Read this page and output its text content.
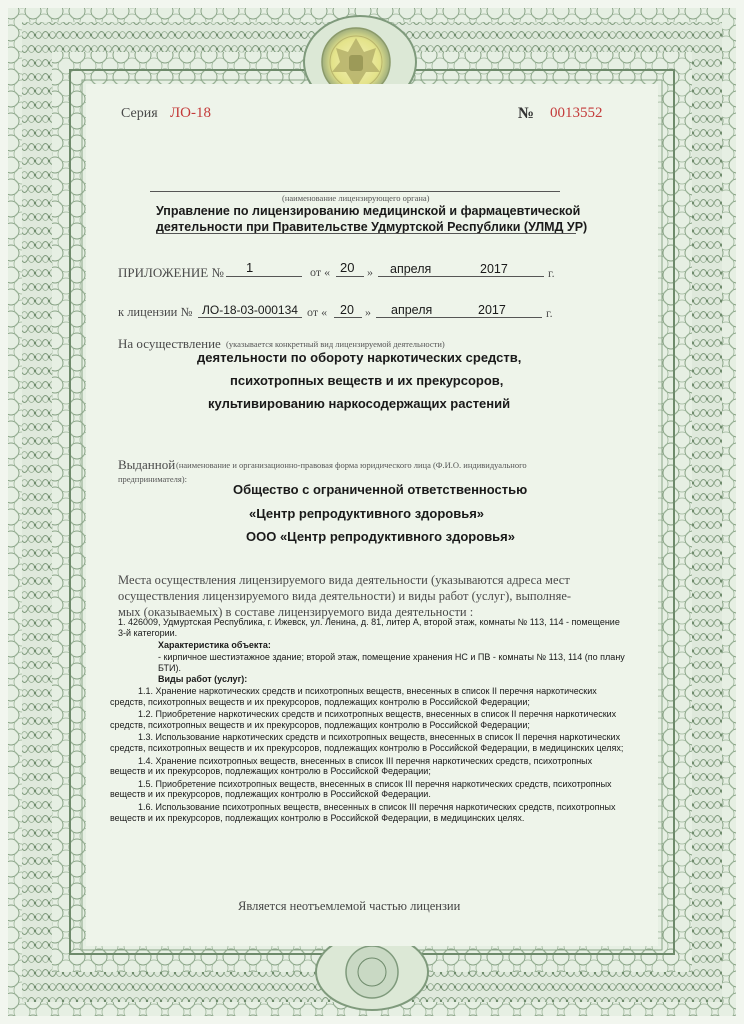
Серия ЛО-18	№ 0013552
(наименование лицензирующего органа)
Управление по лицензированию медицинской и фармацевтической
деятельности при Правительстве Удмуртской Республики (УЛМД УР)
ПРИЛОЖЕНИЕ № 1	от « 20 » апреля	2017	г.
к лицензии № ЛО-18-03-000134 от « 20 » апреля	2017	г.
На осуществление (указывается конкретный вид лицензируемой деятельности)
деятельности по обороту наркотических средств,
психотропных веществ и их прекурсоров,
культивированию наркосодержащих растений
Выданной (наименование и организационно-правовая форма юридического лица (Ф.И.О. индивидуального
предпринимателя):
Общество с ограниченной ответственностью
«Центр репродуктивного здоровья»
ООО «Центр репродуктивного здоровья»
Места осуществления лицензируемого вида деятельности (указываются адреса мест
осуществления лицензируемого вида деятельности) и виды работ (услуг), выполняе-
мых (оказываемых) в составе лицензируемого вида деятельности :
1. 426009, Удмуртская Республика, г. Ижевск, ул. Ленина, д. 81, литер А, второй этаж, комнаты № 113, 114 - помещение 3-й категории.
Характеристика объекта:
- кирпичное шестиэтажное здание; второй этаж, помещение хранения НС и ПВ - комнаты № 113, 114 (по плану БТИ).
Виды работ (услуг):
1.1. Хранение наркотических средств и психотропных веществ, внесенных в список II перечня наркотических средств, психотропных веществ и их прекурсоров, подлежащих контролю в Российской Федерации;
1.2. Приобретение наркотических средств и психотропных веществ, внесенных в список II перечня наркотических средств, психотропных веществ и их прекурсоров, подлежащих контролю в Российской Федерации;
1.3. Использование наркотических средств и психотропных веществ, внесенных в список II перечня наркотических средств, психотропных веществ и их прекурсоров, подлежащих контролю в Российской Федерации, в медицинских целях;
1.4. Хранение психотропных веществ, внесенных в список III перечня наркотических средств, психотропных веществ и их прекурсоров, подлежащих контролю в Российской Федерации;
1.5. Приобретение психотропных веществ, внесенных в список III перечня наркотических средств, психотропных веществ и их прекурсоров, подлежащих контролю в Российской Федерации.
1.6. Использование психотропных веществ, внесенных в список III перечня наркотических средств, психотропных веществ и их прекурсоров, подлежащих контролю в Российской Федерации, в медицинских целях.
Является неотъемлемой частью лицензии
